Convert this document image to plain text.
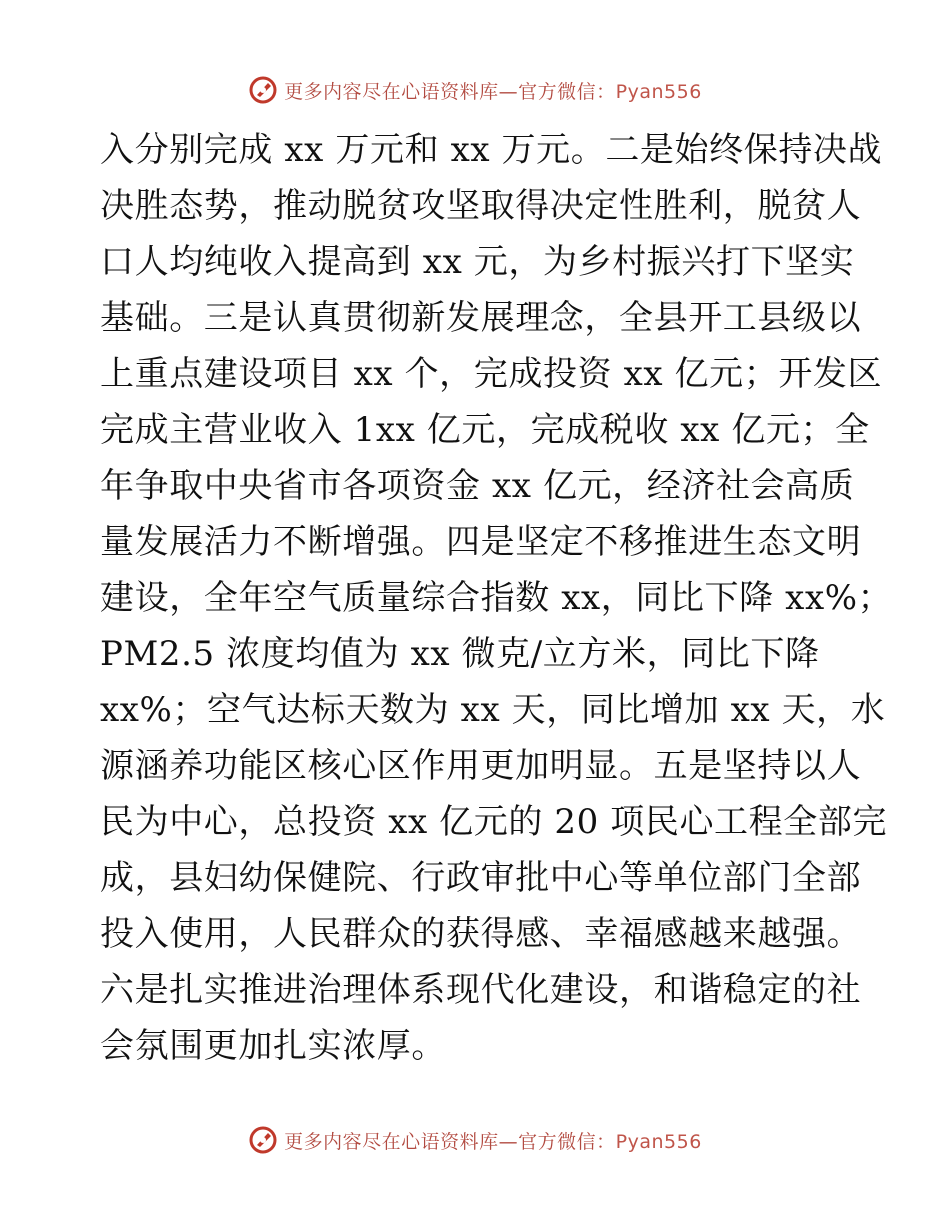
更多内容尽在心语资料库—官方微信：Pyan556
入分别完成 xx 万元和 xx 万元。二是始终保持决战
决胜态势，推动脱贫攻坚取得决定性胜利，脱贫人
口人均纯收入提高到 xx 元，为乡村振兴打下坚实
基础。三是认真贯彻新发展理念，全县开工县级以
上重点建设项目 xx 个，完成投资 xx 亿元；开发区
完成主营业收入 1xx 亿元，完成税收 xx 亿元；全
年争取中央省市各项资金 xx 亿元，经济社会高质
量发展活力不断增强。四是坚定不移推进生态文明
建设，全年空气质量综合指数 xx，同比下降 xx%；
PM2.5 浓度均值为 xx 微克/立方米，同比下降
xx%；空气达标天数为 xx 天，同比增加 xx 天，水
源涵养功能区核心区作用更加明显。五是坚持以人
民为中心，总投资 xx 亿元的 20 项民心工程全部完
成，县妇幼保健院、行政审批中心等单位部门全部
投入使用，人民群众的获得感、幸福感越来越强。
六是扎实推进治理体系现代化建设，和谐稳定的社
会氛围更加扎实浓厚。
更多内容尽在心语资料库—官方微信：Pyan556
